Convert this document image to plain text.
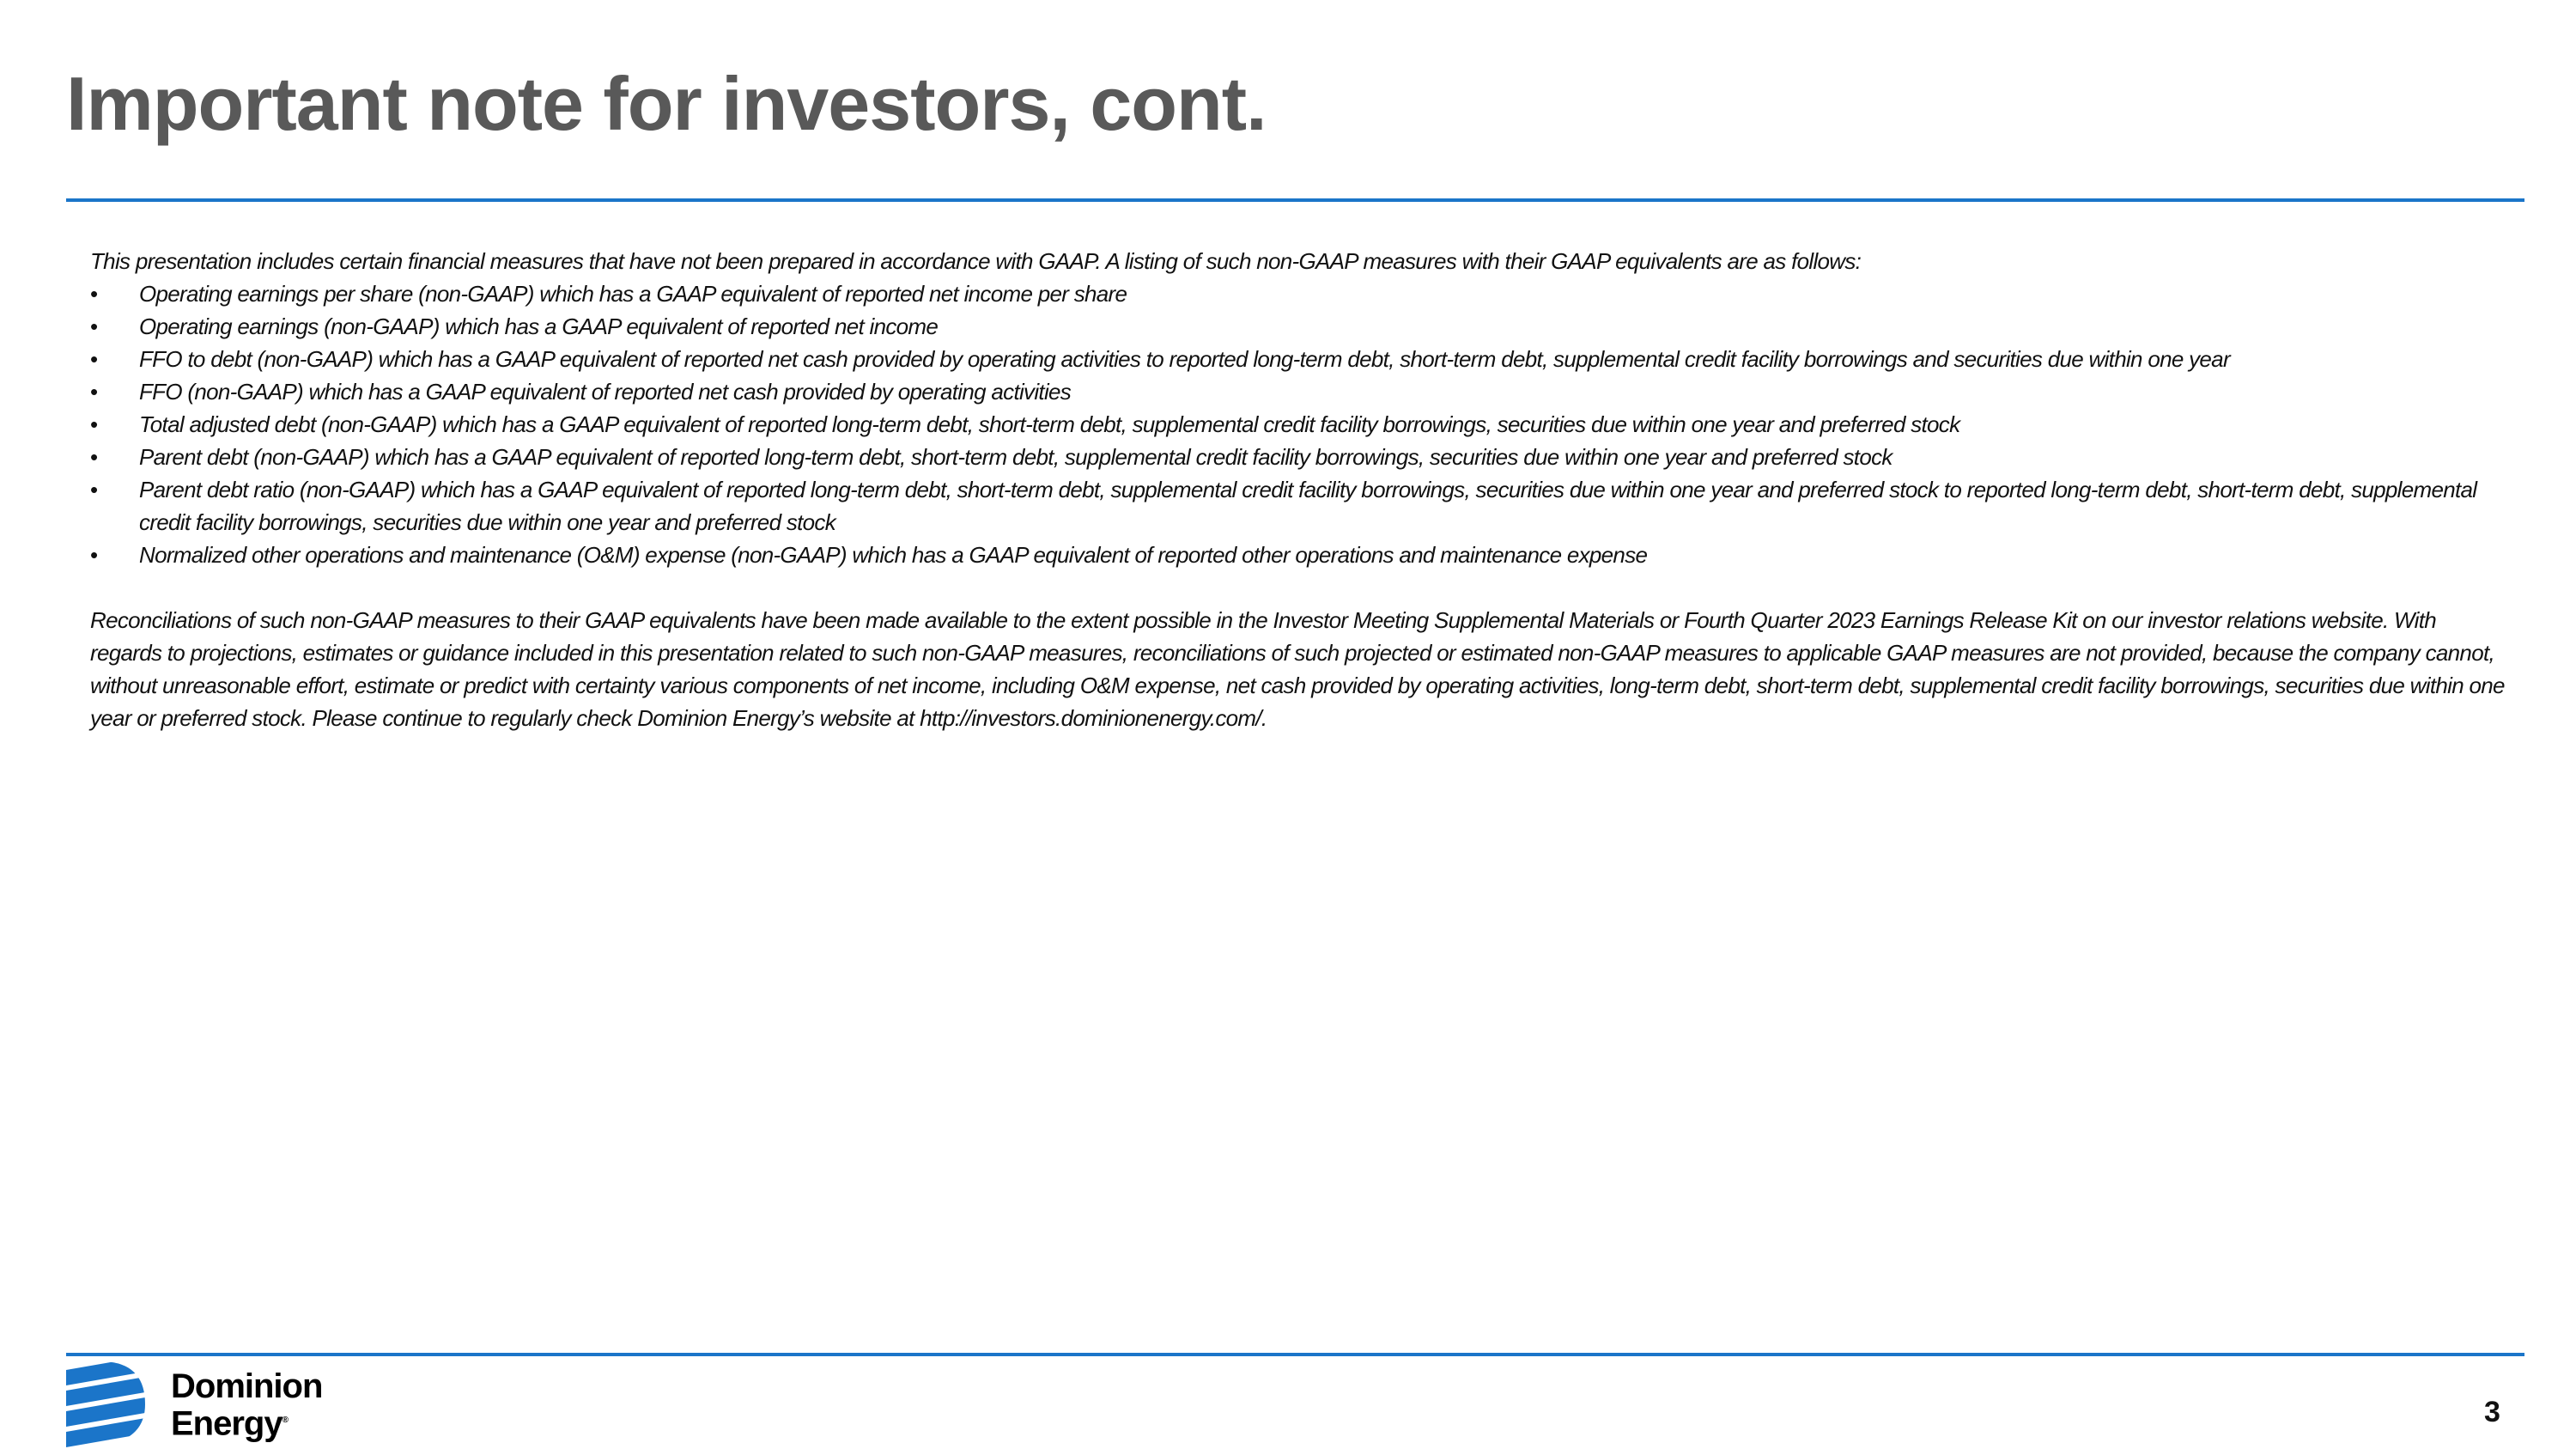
Important note for investors, cont.

This presentation includes certain financial measures that have not been prepared in accordance with GAAP. A listing of such non-GAAP measures with their GAAP equivalents are as follows:

• Operating earnings per share (non-GAAP) which has a GAAP equivalent of reported net income per share
• Operating earnings (non-GAAP) which has a GAAP equivalent of reported net income
• FFO to debt (non-GAAP) which has a GAAP equivalent of reported net cash provided by operating activities to reported long-term debt, short-term debt, supplemental credit facility borrowings and securities due within one year
• FFO (non-GAAP) which has a GAAP equivalent of reported net cash provided by operating activities
• Total adjusted debt (non-GAAP) which has a GAAP equivalent of reported long-term debt, short-term debt, supplemental credit facility borrowings, securities due within one year and preferred stock
• Parent debt (non-GAAP) which has a GAAP equivalent of reported long-term debt, short-term debt, supplemental credit facility borrowings, securities due within one year and preferred stock
• Parent debt ratio (non-GAAP) which has a GAAP equivalent of reported long-term debt, short-term debt, supplemental credit facility borrowings, securities due within one year and preferred stock to reported long-term debt, short-term debt, supplemental credit facility borrowings, securities due within one year and preferred stock
• Normalized other operations and maintenance (O&M) expense (non-GAAP) which has a GAAP equivalent of reported other operations and maintenance expense

Reconciliations of such non-GAAP measures to their GAAP equivalents have been made available to the extent possible in the Investor Meeting Supplemental Materials or Fourth Quarter 2023 Earnings Release Kit on our investor relations website. With regards to projections, estimates or guidance included in this presentation related to such non-GAAP measures, reconciliations of such projected or estimated non-GAAP measures to applicable GAAP measures are not provided, because the company cannot, without unreasonable effort, estimate or predict with certainty various components of net income, including O&M expense, net cash provided by operating activities, long-term debt, short-term debt, supplemental credit facility borrowings, securities due within one year or preferred stock. Please continue to regularly check Dominion Energy’s website at http://investors.dominionenergy.com/.

Dominion
Energy®	3
